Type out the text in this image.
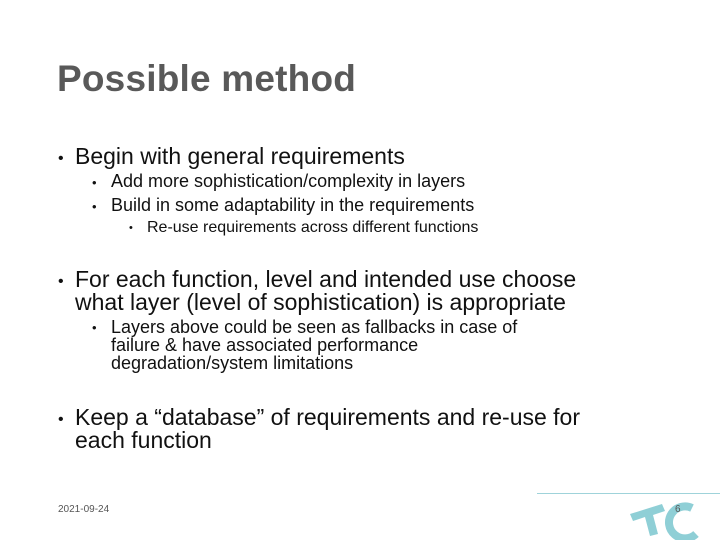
Possible method
• Begin with general requirements
• Add more sophistication/complexity in layers
• Build in some adaptability in the requirements
• Re-use requirements across different functions
• For each function, level and intended use choose
what layer (level of sophistication) is appropriate
• Layers above could be seen as fallbacks in case of
failure & have associated performance
degradation/system limitations
• Keep a “database” of requirements and re-use for
each function
2021-09-24	6
